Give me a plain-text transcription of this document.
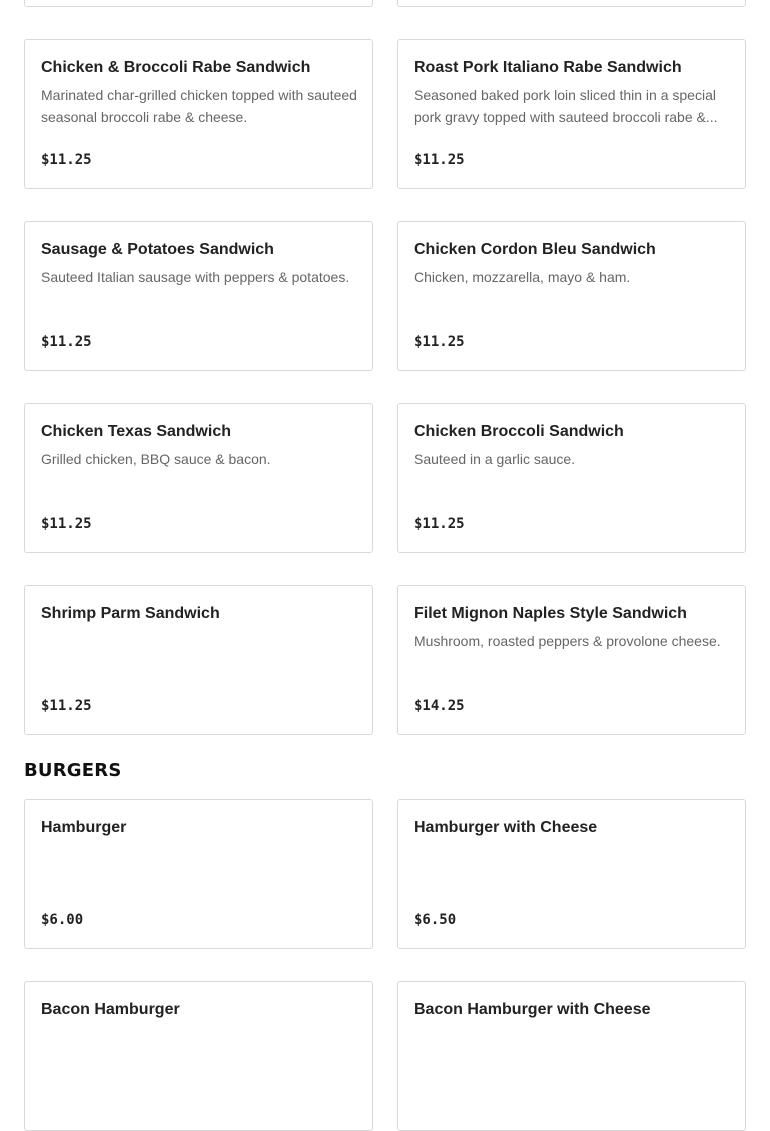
Chicken & Broccoli Rabe Sandwich
Marinated char-grilled chicken topped with sauteed seasonal broccoli rabe & cheese.
$11.25
Roast Pork Italiano Rabe Sandwich
Seasoned baked pork loin sliced thin in a special pork gravy topped with sauteed broccoli rabe &...
$11.25
Sausage & Potatoes Sandwich
Sauteed Italian sausage with peppers & potatoes.
$11.25
Chicken Cordon Bleu Sandwich
Chicken, mozzarella, mayo & ham.
$11.25
Chicken Texas Sandwich
Grilled chicken, BBQ sauce & bacon.
$11.25
Chicken Broccoli Sandwich
Sauteed in a garlic sauce.
$11.25
Shrimp Parm Sandwich
$11.25
Filet Mignon Naples Style Sandwich
Mushroom, roasted peppers & provolone cheese.
$14.25
BURGERS
Hamburger
$6.00
Hamburger with Cheese
$6.50
Bacon Hamburger	Bacon Hamburger with Cheese
